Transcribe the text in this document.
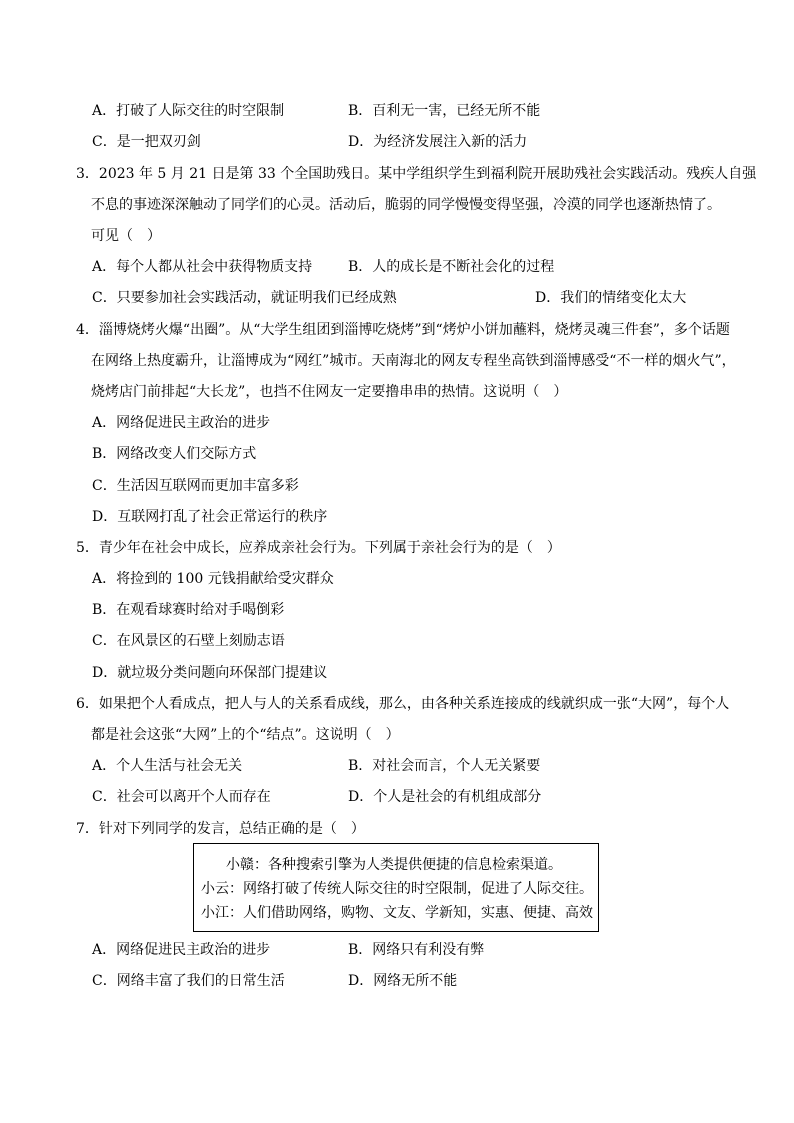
A．打破了人际交往的时空限制	B．百利无一害，已经无所不能
C．是一把双刃剑	D．为经济发展注入新的活力
3．2023 年 5 月 21 日是第 33 个全国助残日。某中学组织学生到福利院开展助残社会实践活动。残疾人自强
不息的事迹深深触动了同学们的心灵。活动后，脆弱的同学慢慢变得坚强，冷漠的同学也逐渐热情了。
可见（　）
A．每个人都从社会中获得物质支持	B．人的成长是不断社会化的过程
C．只要参加社会实践活动，就证明我们已经成熟	D．我们的情绪变化太大
4．淄博烧烤火爆“出圈”。从“大学生组团到淄博吃烧烤”到“烤炉小饼加蘸料，烧烤灵魂三件套”，多个话题
在网络上热度霸升，让淄博成为“网红”城市。天南海北的网友专程坐高铁到淄博感受“不一样的烟火气”，
烧烤店门前排起“大长龙”，也挡不住网友一定要撸串串的热情。这说明（　）
A．网络促进民主政治的进步
B．网络改变人们交际方式
C．生活因互联网而更加丰富多彩
D．互联网打乱了社会正常运行的秩序
5．青少年在社会中成长，应养成亲社会行为。下列属于亲社会行为的是（　）
A．将捡到的 100 元钱捐献给受灾群众
B．在观看球赛时给对手喝倒彩
C．在风景区的石壁上刻励志语
D．就垃圾分类问题向环保部门提建议
6．如果把个人看成点，把人与人的关系看成线，那么，由各种关系连接成的线就织成一张“大网”，每个人
都是社会这张“大网”上的个“结点”。这说明（　）
A．个人生活与社会无关	B．对社会而言，个人无关紧要
C．社会可以离开个人而存在	D．个人是社会的有机组成部分
7．针对下列同学的发言，总结正确的是（　）
小赣：各种搜索引擎为人类提供便捷的信息检索渠道。
小云：网络打破了传统人际交往的时空限制，促进了人际交往。
小江：人们借助网络，购物、文友、学新知，实惠、便捷、高效
A．网络促进民主政治的进步	B．网络只有利没有弊
C．网络丰富了我们的日常生活	D．网络无所不能
